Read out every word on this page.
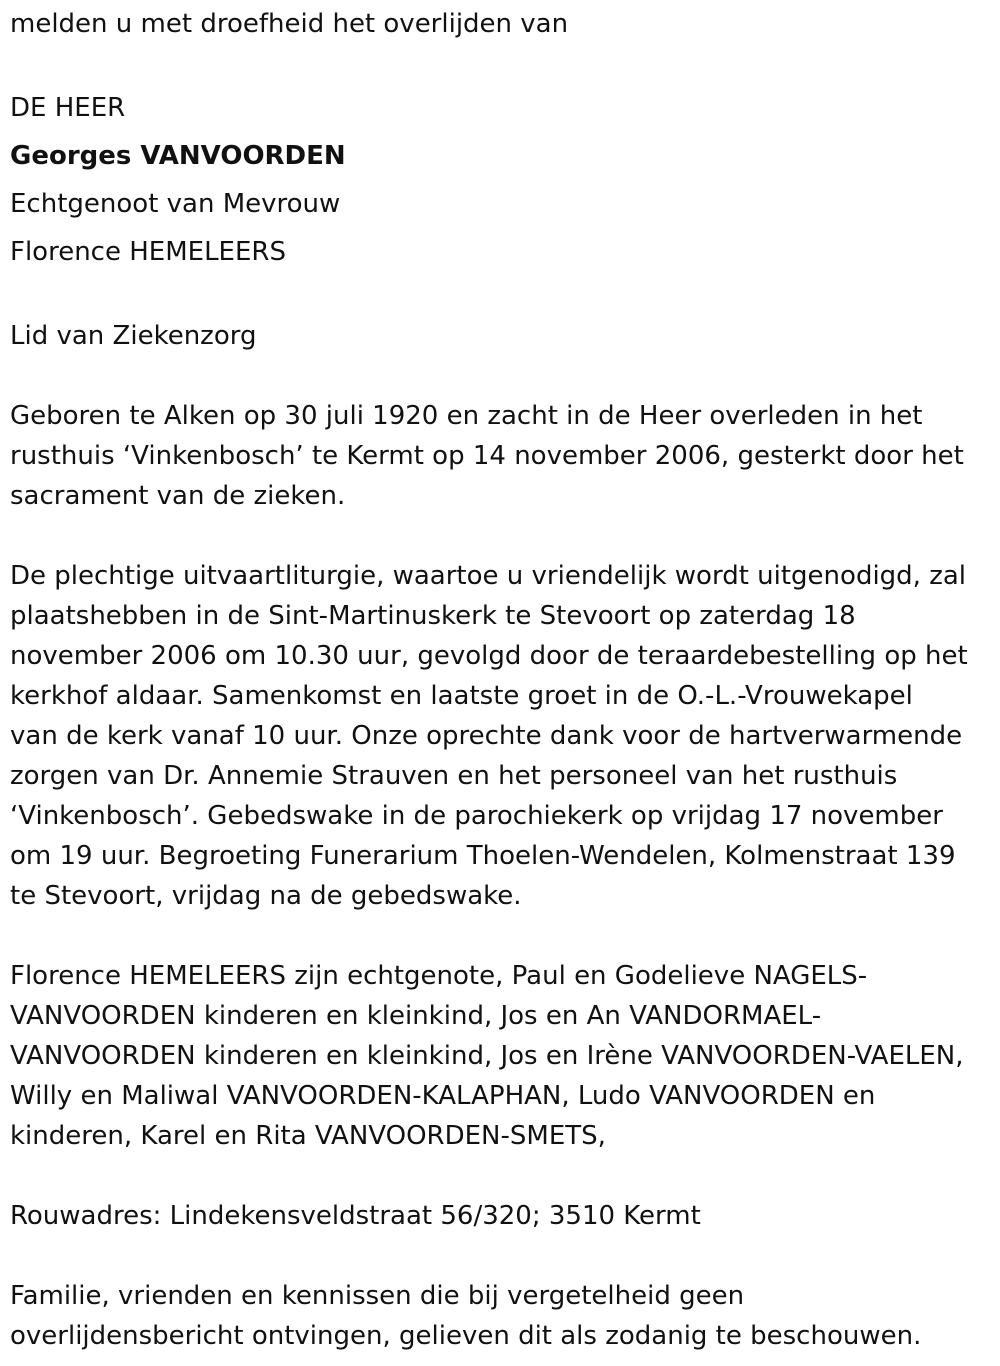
melden u met droefheid het overlijden van

DE HEER

Georges VANVOORDEN

Echtgenoot van Mevrouw

Florence HEMELEERS

Lid van Ziekenzorg

Geboren te Alken op 30 juli 1920 en zacht in de Heer overleden in het
rusthuis ‘Vinkenbosch’ te Kermt op 14 november 2006, gesterkt door het
sacrament van de zieken.
De plechtige uitvaartliturgie, waartoe u vriendelijk wordt uitgenodigd, zal
plaatshebben in de Sint-Martinuskerk te Stevoort op zaterdag 18
november 2006 om 10.30 uur, gevolgd door de teraardebestelling op het
kerkhof aldaar. Samenkomst en laatste groet in de O.-L.-Vrouwekapel
van de kerk vanaf 10 uur. Onze oprechte dank voor de hartverwarmende
zorgen van Dr. Annemie Strauven en het personeel van het rusthuis
‘Vinkenbosch’. Gebedswake in de parochiekerk op vrijdag 17 november
om 19 uur. Begroeting Funerarium Thoelen-Wendelen, Kolmenstraat 139
te Stevoort, vrijdag na de gebedswake.
Florence HEMELEERS zijn echtgenote, Paul en Godelieve NAGELS-
VANVOORDEN kinderen en kleinkind, Jos en An VANDORMAEL-
VANVOORDEN kinderen en kleinkind, Jos en Irène VANVOORDEN-VAELEN,
Willy en Maliwal VANVOORDEN-KALAPHAN, Ludo VANVOORDEN en
kinderen, Karel en Rita VANVOORDEN-SMETS,

Rouwadres: Lindekensveldstraat 56/320; 3510 Kermt

Familie, vrienden en kennissen die bij vergetelheid geen
overlijdensbericht ontvingen, gelieven dit als zodanig te beschouwen.
